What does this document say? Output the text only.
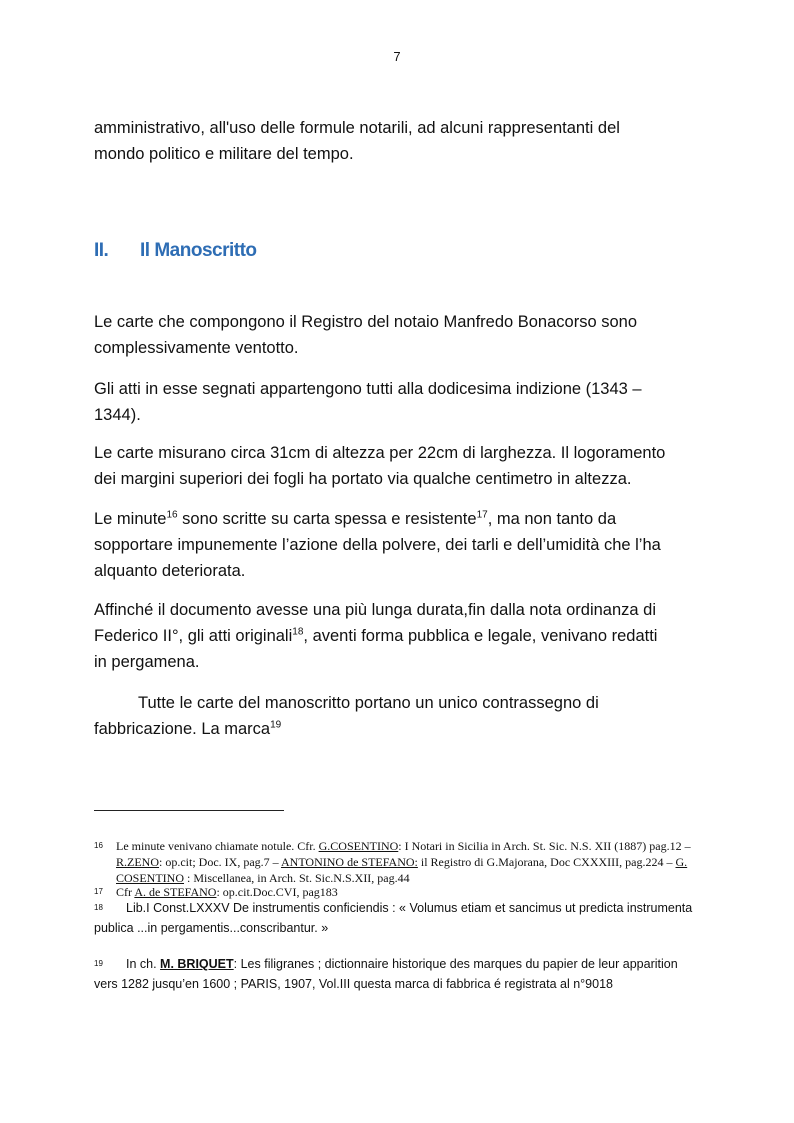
7

amministrativo, all'uso delle formule notarili, ad alcuni rappresentanti del

mondo politico e militare del tempo.

II. Il Manoscritto

Le carte che compongono il Registro del notaio Manfredo Bonacorso sono

complessivamente ventotto.

Gli atti in esse segnati appartengono tutti alla dodicesima indizione (1343 –

1344).

Le carte misurano circa 31cm di altezza per 22cm di larghezza. Il logoramento

dei margini superiori dei fogli ha portato via qualche centimetro in altezza.

Le minute$^{16}$ sono scritte su carta spessa e resistente$^{17}$, ma non tanto da

sopportare impunemente l’azione della polvere, dei tarli e dell’umidità che l’ha

alquanto deteriorata.

Affinché il documento avesse una più lunga durata,fin dalla nota ordinanza di

Federico II°, gli atti originali$^{18}$, aventi forma pubblica e legale, venivano redatti

in pergamena.

Tutte le carte del manoscritto portano un unico contrassegno di

fabbricazione. La marca$^{19}$

16	Le minute venivano chiamate notule. Cfr. G.COSENTINO: I Notari in Sicilia in Arch. St. Sic. N.S. XII (1887) pag.12 – R.ZENO: op.cit; Doc. IX, pag.7 – ANTONINO de STEFANO: il Registro di G.Majorana, Doc CXXXIII, pag.224 – G. COSENTINO : Miscellanea, in Arch. St. Sic.N.S.XII, pag.44
17	Cfr A. de STEFANO: op.cit.Doc.CVI, pag183
18	Lib.I Const.LXXXV De instrumentis conficiendis : « Volumus etiam et sancimus ut predicta instrumenta publica ...in pergamentis...conscribantur. »
19	In ch. M. BRIQUET: Les filigranes ; dictionnaire historique des marques du papier de leur apparition vers 1282 jusqu’en 1600 ; PARIS, 1907, Vol.III questa marca di fabbrica é registrata al n°9018
